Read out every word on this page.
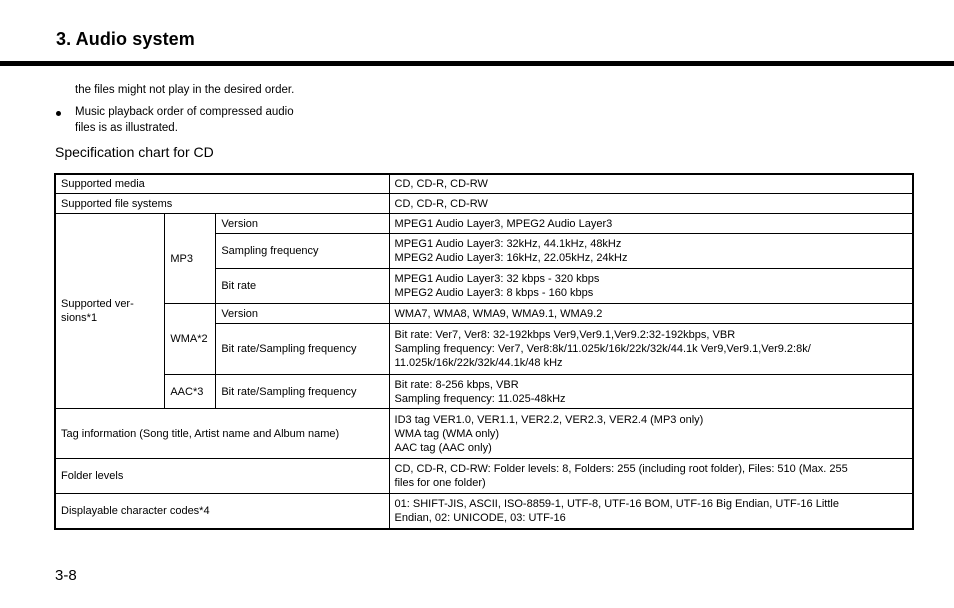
3. Audio system
the files might not play in the desired order.
Music playback order of compressed audio
files is as illustrated.
Specification chart for CD
Supported media			CD, CD-R, CD-RW
Supported file systems			CD, CD-R, CD-RW

Supported ver-
sions*1	MP3	Version	MPEG1 Audio Layer3, MPEG2 Audio Layer3
		Sampling frequency	MPEG1 Audio Layer3: 32kHz, 44.1kHz, 48kHz
MPEG2 Audio Layer3: 16kHz, 22.05kHz, 24kHz

		Bit rate	MPEG1 Audio Layer3: 32 kbps - 320 kbps
MPEG2 Audio Layer3: 8 kbps - 160 kbps

	WMA*2	Version	WMA7, WMA8, WMA9, WMA9.1, WMA9.2
		Bit rate/Sampling frequency	Bit rate: Ver7, Ver8: 32-192kbps Ver9,Ver9.1,Ver9.2:32-192kbps, VBR
Sampling frequency: Ver7, Ver8:8k/11.025k/16k/22k/32k/44.1k Ver9,Ver9.1,Ver9.2:8k/
11.025k/16k/22k/32k/44.1k/48 kHz

	AAC*3	Bit rate/Sampling frequency	Bit rate: 8-256 kbps, VBR
Sampling frequency: 11.025-48kHz

Tag information (Song title, Artist name and Album name)			ID3 tag VER1.0, VER1.1, VER2.2, VER2.3, VER2.4 (MP3 only)
WMA tag (WMA only)
AAC tag (AAC only)

Folder levels			CD, CD-R, CD-RW: Folder levels: 8, Folders: 255 (including root folder), Files: 510 (Max. 255
files for one folder)

Displayable character codes*4			01: SHIFT-JIS, ASCII, ISO-8859-1, UTF-8, UTF-16 BOM, UTF-16 Big Endian, UTF-16 Little
Endian, 02: UNICODE, 03: UTF-16
3-8
